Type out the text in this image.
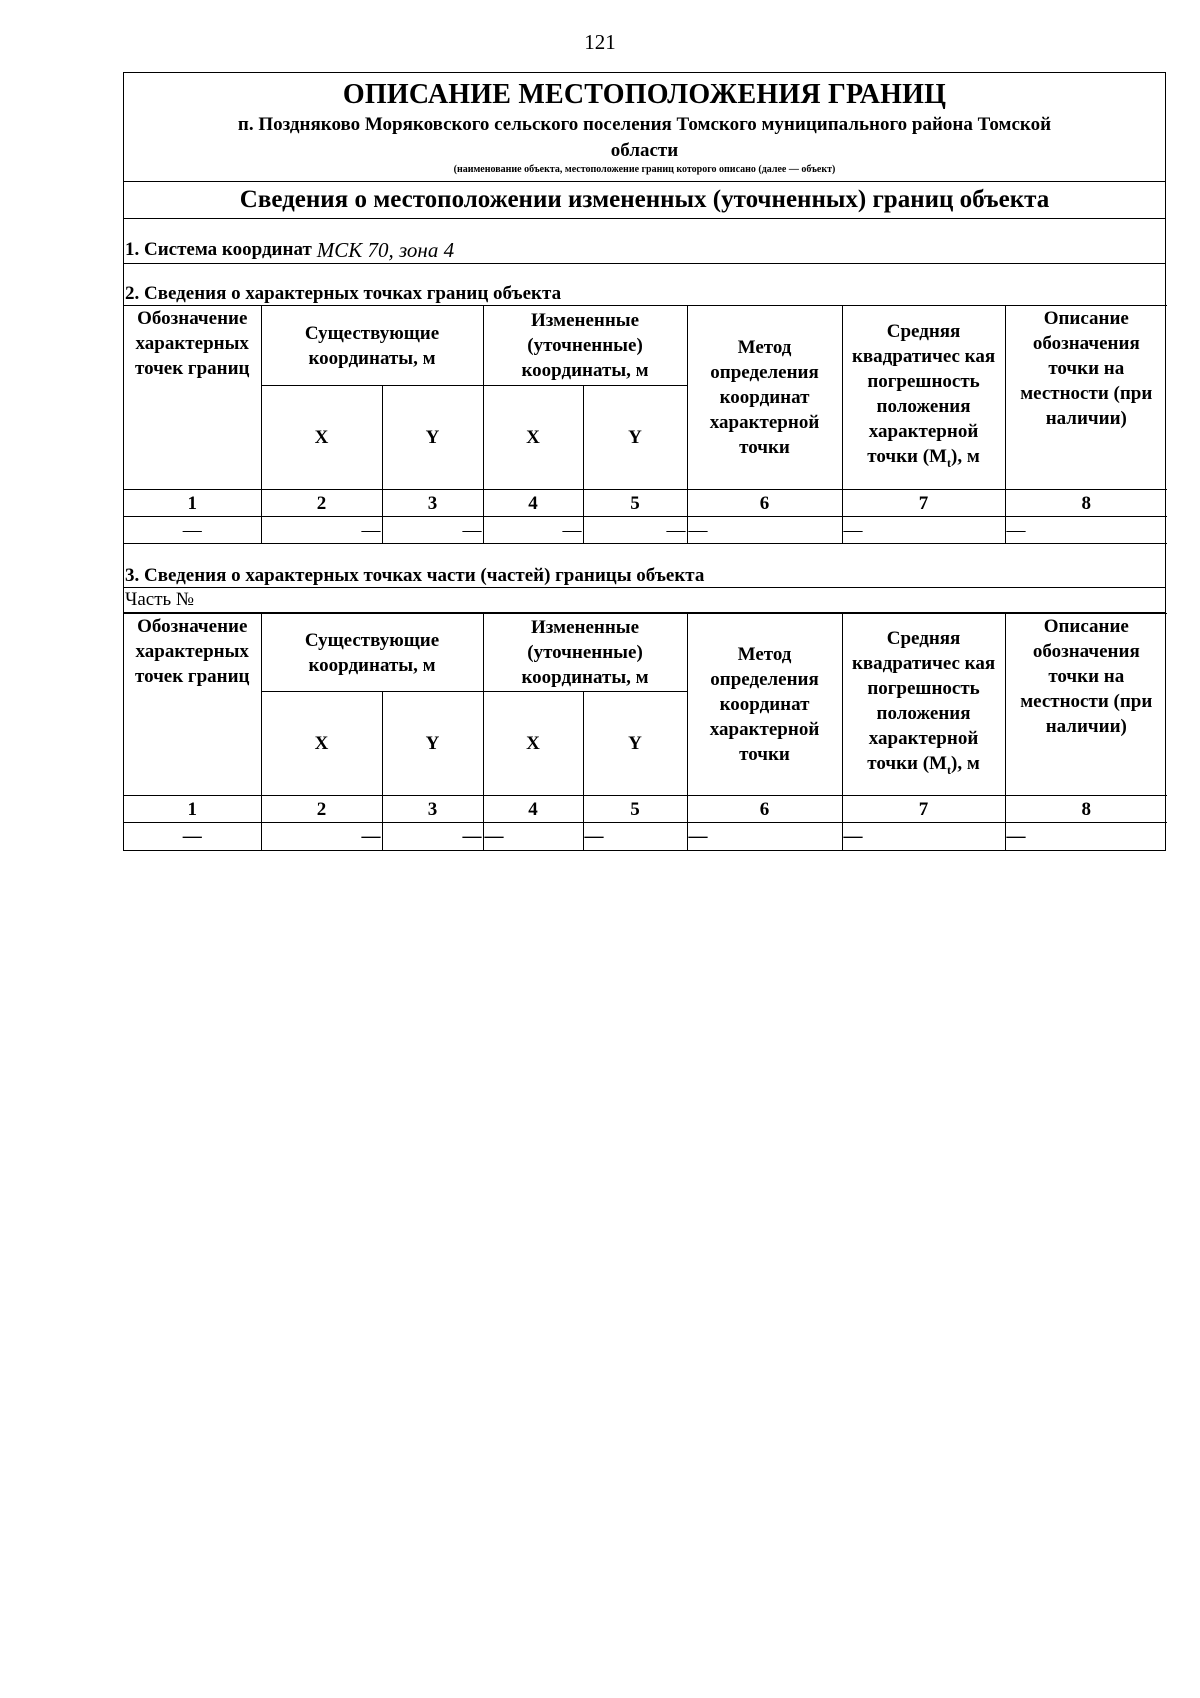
121
ОПИСАНИЕ МЕСТОПОЛОЖЕНИЯ ГРАНИЦ
п. Поздняково Моряковского сельского поселения Томского муниципального района Томской
области
(наименование объекта, местоположение границ которого описано (далее — объект)
Сведения о местоположении измененных (уточненных) границ объекта
1. Система координат МСК 70, зона 4
2. Сведения о характерных точках границ объекта
Обозначение характерных точек границ	Существующие координаты, м		Измененные (уточненные) координаты, м		Метод определения координат характерной точки	Средняя квадратичес кая погрешность положения характерной точки $(M_t)$, м	Описание обозначения точки на местности (при наличии)
	X	Y	X	Y			
1	2	3	4	5	6	7	8
—	—	—	—	—	—	—	—
3. Сведения о характерных точках части (частей) границы объекта
Часть №
Обозначение характерных точек границ	Существующие координаты, м		Измененные (уточненные) координаты, м		Метод определения координат характерной точки	Средняя квадратичес кая погрешность положения характерной точки $(M_t)$, м	Описание обозначения точки на местности (при наличии)
	X	Y	X	Y			
1	2	3	4	5	6	7	8
—	—	—	—	—	—	—	—
